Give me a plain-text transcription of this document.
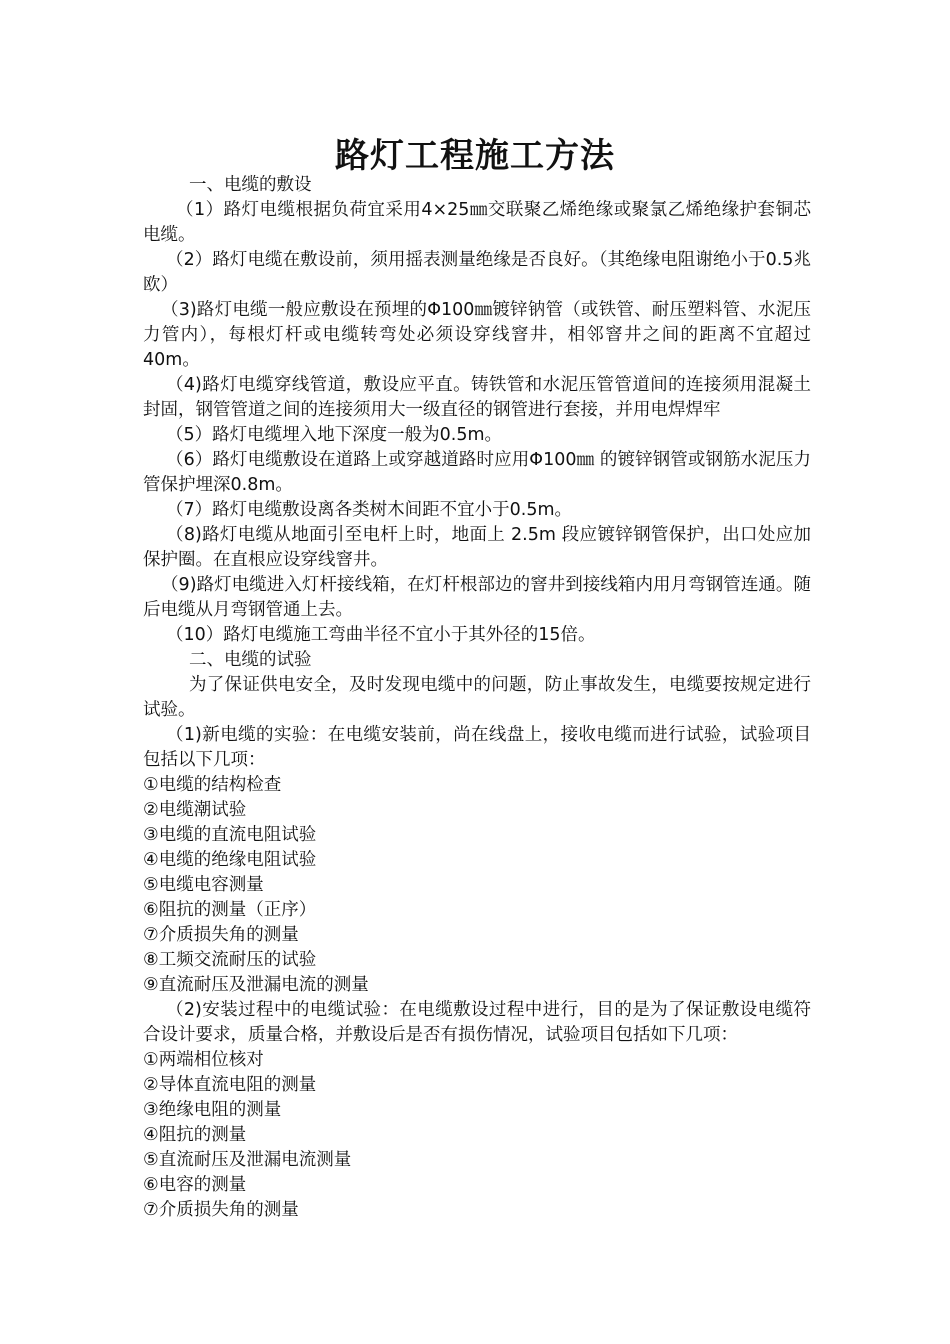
路灯工程施工方法

一、电缆的敷设

（1）路灯电缆根据负荷宜采用4×25㎜交联聚乙烯绝缘或聚氯乙烯绝缘护套铜芯电缆。

（2）路灯电缆在敷设前，须用摇表测量绝缘是否良好。（其绝缘电阻谢绝小于0.5兆欧）

（3)路灯电缆一般应敷设在预埋的Φ100㎜镀锌钠管（或铁管、耐压塑料管、水泥压力管内），每根灯杆或电缆转弯处必须设穿线窨井，相邻窨井之间的距离不宜超过40m。

（4)路灯电缆穿线管道，敷设应平直。铸铁管和水泥压管管道间的连接须用混凝土封固，钢管管道之间的连接须用大一级直径的钢管进行套接，并用电焊焊牢

（5）路灯电缆埋入地下深度一般为0.5m。

（6）路灯电缆敷设在道路上或穿越道路时应用Φ100㎜ 的镀锌钢管或钢筋水泥压力管保护埋深0.8m。

（7）路灯电缆敷设离各类树木间距不宜小于0.5m。

（8)路灯电缆从地面引至电杆上时，地面上 2.5m 段应镀锌钢管保护，出口处应加保护圈。在直根应设穿线窨井。

（9)路灯电缆进入灯杆接线箱，在灯杆根部边的窨井到接线箱内用月弯钢管连通。随后电缆从月弯钢管通上去。

（10）路灯电缆施工弯曲半径不宜小于其外径的15倍。

二、电缆的试验

为了保证供电安全，及时发现电缆中的问题，防止事故发生，电缆要按规定进行试验。

（1)新电缆的实验：在电缆安装前，尚在线盘上，接收电缆而进行试验，试验项目包括以下几项：

①电缆的结构检查

②电缆潮试验

③电缆的直流电阻试验

④电缆的绝缘电阻试验

⑤电缆电容测量

⑥阻抗的测量（正序）

⑦介质损失角的测量

⑧工频交流耐压的试验

⑨直流耐压及泄漏电流的测量

（2)安装过程中的电缆试验：在电缆敷设过程中进行，目的是为了保证敷设电缆符合设计要求，质量合格，并敷设后是否有损伤情况，试验项目包括如下几项：

①两端相位核对

②导体直流电阻的测量

③绝缘电阻的测量

④阻抗的测量

⑤直流耐压及泄漏电流测量

⑥电容的测量

⑦介质损失角的测量
